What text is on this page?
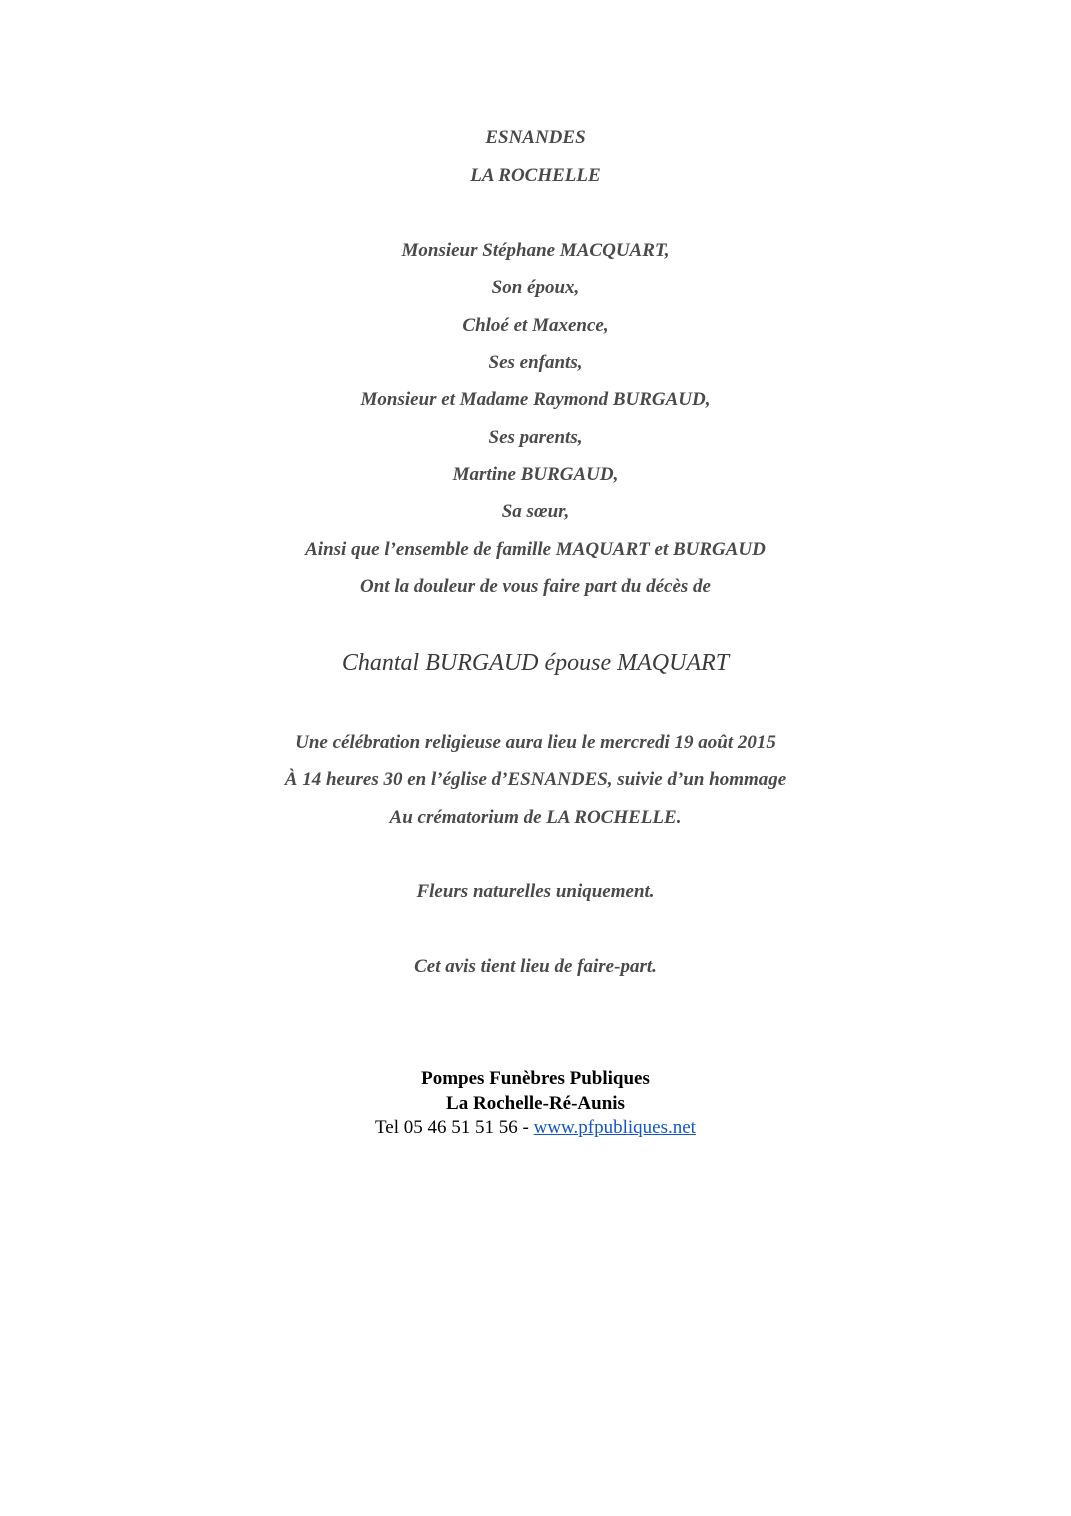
ESNANDES
LA ROCHELLE
Monsieur Stéphane MACQUART,
Son époux,
Chloé et Maxence,
Ses enfants,
Monsieur et Madame Raymond BURGAUD,
Ses parents,
Martine BURGAUD,
Sa sœur,
Ainsi que l’ensemble de famille MAQUART et BURGAUD
Ont la douleur de vous faire part du décès de
Chantal BURGAUD épouse MAQUART
Une célébration religieuse aura lieu le mercredi 19 août 2015
À 14 heures 30 en l’église d’ESNANDES, suivie d’un hommage
Au crématorium de LA ROCHELLE.
Fleurs naturelles uniquement.
Cet avis tient lieu de faire-part.
Pompes Funèbres Publiques
La Rochelle-Ré-Aunis
Tel 05 46 51 51 56 - www.pfpubliques.net
